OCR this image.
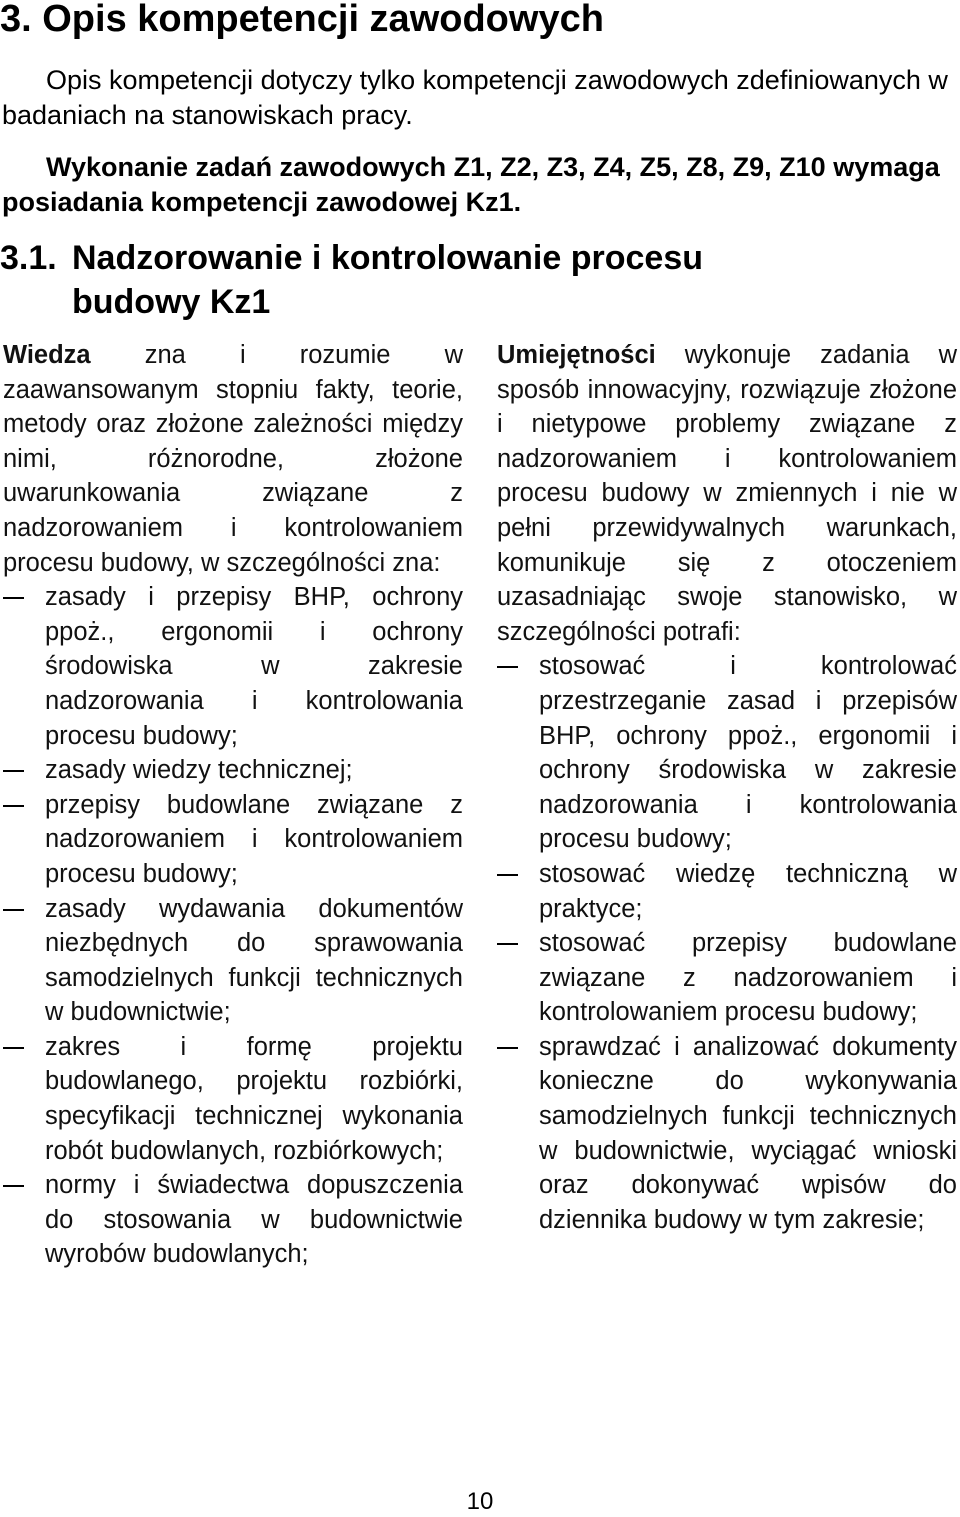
3. Opis kompetencji zawodowych

Opis kompetencji dotyczy tylko kompetencji zawodowych zdefiniowanych w badaniach na stanowiskach pracy.

Wykonanie zadań zawodowych Z1, Z2, Z3, Z4, Z5, Z8, Z9, Z10 wymaga posiadania kompetencji zawodowej Kz1.

3.1. Nadzorowanie i kontrolowanie procesu budowy Kz1

Wiedza zna i rozumie w zaawansowanym stopniu fakty, teorie, metody oraz złożone zależności między nimi, różnorodne, złożone uwarunkowania związane z nadzorowaniem i kontrolowaniem procesu budowy, w szczególności zna:

zasady i przepisy BHP, ochrony ppoż., ergonomii i ochrony środowiska w zakresie nadzorowania i kontrolowania procesu budowy;
zasady wiedzy technicznej;
przepisy budowlane związane z nadzorowaniem i kontrolowaniem procesu budowy;
zasady wydawania dokumentów niezbędnych do sprawowania samodzielnych funkcji technicznych w budownictwie;
zakres i formę projektu budowlanego, projektu rozbiórki, specyfikacji technicznej wykonania robót budowlanych, rozbiórkowych;
normy i świadectwa dopuszczenia do stosowania w budownictwie wyrobów budowlanych;

Umiejętności wykonuje zadania w sposób innowacyjny, rozwiązuje złożone i nietypowe problemy związane z nadzorowaniem i kontrolowaniem procesu budowy w zmiennych i nie w pełni przewidywalnych warunkach, komunikuje się z otoczeniem uzasadniając swoje stanowisko, w szczególności potrafi:

stosować i kontrolować przestrzeganie zasad i przepisów BHP, ochrony ppoż., ergonomii i ochrony środowiska w zakresie nadzorowania i kontrolowania procesu budowy;
stosować wiedzę techniczną w praktyce;
stosować przepisy budowlane związane z nadzorowaniem i kontrolowaniem procesu budowy;
sprawdzać i analizować dokumenty konieczne do wykonywania samodzielnych funkcji technicznych w budownictwie, wyciągać wnioski oraz dokonywać wpisów do dziennika budowy w tym zakresie;
10
